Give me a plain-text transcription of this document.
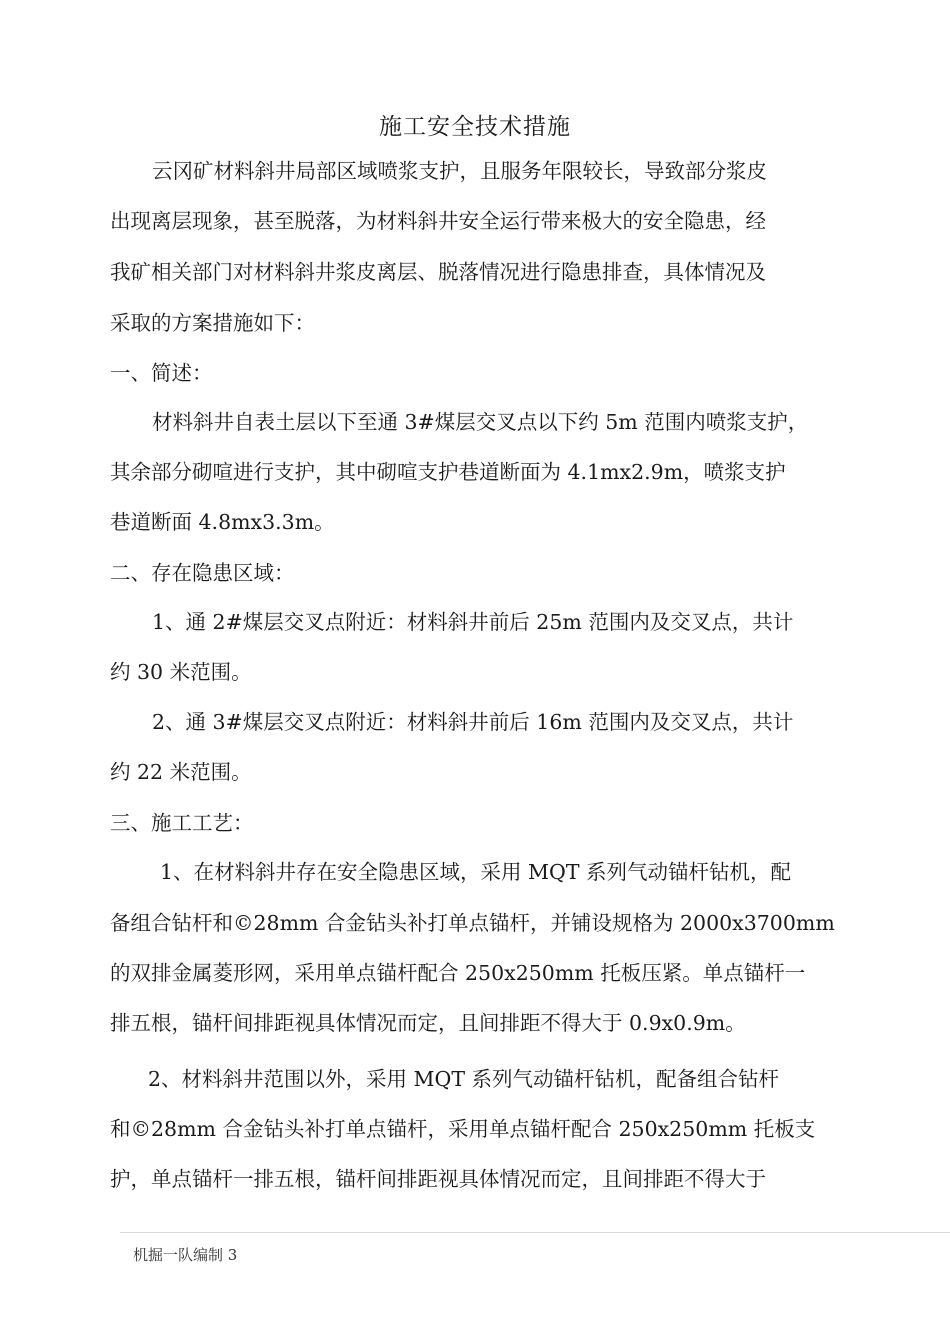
施工安全技术措施
云冈矿材料斜井局部区域喷浆支护，且服务年限较长，导致部分浆皮
出现离层现象，甚至脱落，为材料斜井安全运行带来极大的安全隐患，经
我矿相关部门对材料斜井浆皮离层、脱落情况进行隐患排查，具体情况及
采取的方案措施如下：
一、简述：
材料斜井自表土层以下至通 3#煤层交叉点以下约 5m 范围内喷浆支护，
其余部分砌喧进行支护，其中砌喧支护巷道断面为 4.1mx2.9m，喷浆支护
巷道断面 4.8mx3.3m。
二、存在隐患区域：
1、通 2#煤层交叉点附近：材料斜井前后 25m 范围内及交叉点，共计
约 30 米范围。
2、通 3#煤层交叉点附近：材料斜井前后 16m 范围内及交叉点，共计
约 22 米范围。
三、施工工艺：
1、在材料斜井存在安全隐患区域，采用 MQT 系列气动锚杆钻机，配
备组合钻杆和©28mm 合金钻头补打单点锚杆，并铺设规格为 2000x3700mm
的双排金属菱形网，采用单点锚杆配合 250x250mm 托板压紧。单点锚杆一
排五根，锚杆间排距视具体情况而定，且间排距不得大于 0.9x0.9m。
2、材料斜井范围以外，采用 MQT 系列气动锚杆钻机，配备组合钻杆
和©28mm 合金钻头补打单点锚杆，采用单点锚杆配合 250x250mm 托板支
护，单点锚杆一排五根，锚杆间排距视具体情况而定，且间排距不得大于
机掘一队编制 3
